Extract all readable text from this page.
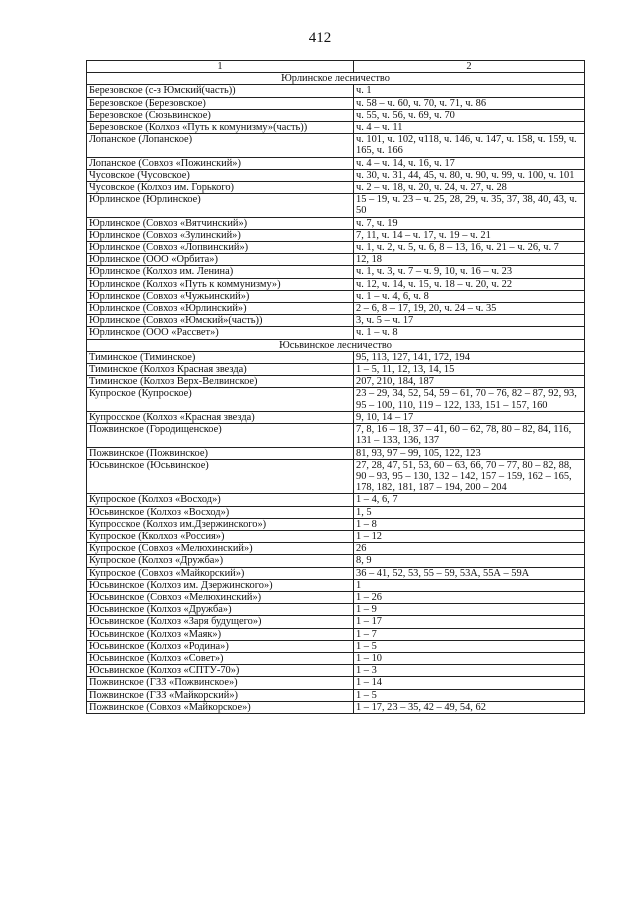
412
1	2
Юрлинское лесничество	
Березовское (с-з Юмский(часть))	ч. 1
Березовское (Березовское)	ч. 58 – ч. 60, ч. 70, ч. 71, ч. 86
Березовское (Сюзьвинское)	ч. 55, ч. 56, ч. 69, ч. 70
Березовское (Колхоз «Путь к комунизму»(часть))	ч. 4 – ч. 11
Лопанское (Лопанское)	ч. 101, ч. 102, ч118, ч. 146, ч. 147, ч. 158, ч. 159, ч. 165, ч. 166
Лопанское (Совхоз «Пожинский»)	ч. 4 – ч. 14, ч. 16, ч. 17
Чусовское (Чусовское)	ч. 30, ч. 31, 44, 45, ч. 80, ч. 90, ч. 99, ч. 100, ч. 101
Чусовское (Колхоз им. Горького)	ч. 2 – ч. 18, ч. 20, ч. 24, ч. 27, ч. 28
Юрлинское (Юрлинское)	15 – 19, ч. 23 – ч. 25, 28, 29, ч. 35, 37, 38, 40, 43, ч. 50
Юрлинское (Совхоз «Вятчинский»)	ч. 7, ч. 19
Юрлинское (Совхоз «Зулинский»)	7, 11, ч. 14 – ч. 17, ч. 19 – ч. 21
Юрлинское (Совхоз «Лопвинский»)	ч. 1, ч. 2, ч. 5, ч. 6, 8 – 13, 16, ч. 21 – ч. 26, ч. 7
Юрлинское (ООО «Орбита»)	12, 18
Юрлинское (Колхоз им. Ленина)	ч. 1, ч. 3, ч. 7 – ч. 9, 10, ч. 16 – ч. 23
Юрлинское (Колхоз «Путь к коммунизму»)	ч. 12, ч. 14, ч. 15, ч. 18 – ч. 20, ч. 22
Юрлинское (Совхоз «Чужьинский»)	ч. 1 – ч. 4, 6, ч. 8
Юрлинское (Совхоз «Юрлинский»)	2 – 6, 8 – 17, 19, 20, ч. 24 – ч. 35
Юрлинское (Совхоз «Юмский»(часть))	3, ч. 5 – ч. 17
Юрлинское (ООО «Рассвет»)	ч. 1 – ч. 8
Юсьвинское лесничество	
Тиминское (Тиминское)	95, 113, 127, 141, 172, 194
Тиминское (Колхоз Красная звезда)	1 – 5, 11, 12, 13, 14, 15
Тиминское (Колхоз Верх-Велвинское)	207, 210, 184, 187
Купроское (Купроское)	23 – 29, 34, 52, 54, 59 – 61, 70 – 76, 82 – 87, 92, 93, 95 – 100, 110, 119 – 122, 133, 151 – 157, 160
Купросское (Колхоз «Красная звезда)	9, 10, 14 – 17
Пожвинское (Городищенское)	7, 8, 16 – 18, 37 – 41, 60 – 62, 78, 80 – 82, 84, 116, 131 – 133, 136, 137
Пожвинское (Пожвинское)	81, 93, 97 – 99, 105, 122, 123
Юсьвинское (Юсьвинское)	27, 28, 47, 51, 53, 60 – 63, 66, 70 – 77, 80 – 82, 88, 90 – 93, 95 – 130, 132 – 142, 157 – 159, 162 – 165, 178, 182, 181, 187 – 194, 200 – 204
Купроское (Колхоз «Восход»)	1 – 4, 6, 7
Юсьвинское (Колхоз «Восход»)	1, 5
Купросское (Колхоз им.Дзержинского»)	1 – 8
Купроское (Кколхоз «Россия»)	1 – 12
Купроское (Совхоз «Мелюхинский»)	26
Купроское (Колхоз «Дружба»)	8, 9
Купроское (Совхоз «Майкорский»)	36 – 41, 52, 53, 55 – 59, 53А, 55А – 59А
Юсьвинское (Колхоз им. Дзержинского»)	1
Юсьвинское (Совхоз «Мелюхинский»)	1 – 26
Юсьвинское (Колхоз «Дружба»)	1 – 9
Юсьвинское (Колхоз «Заря будущего»)	1 – 17
Юсьвинское (Колхоз «Маяк»)	1 – 7
Юсьвинское (Колхоз «Родина»)	1 – 5
Юсьвинское (Колхоз «Совет»)	1 – 10
Юсьвинское (Колхоз «СПТУ-70»)	1 – 3
Пожвинское (ГЗЗ «Пожвинское»)	1 – 14
Пожвинское (ГЗЗ «Майкорский»)	1 – 5
Пожвинское (Совхоз «Майкорское»)	1 – 17, 23 – 35, 42 – 49, 54, 62
